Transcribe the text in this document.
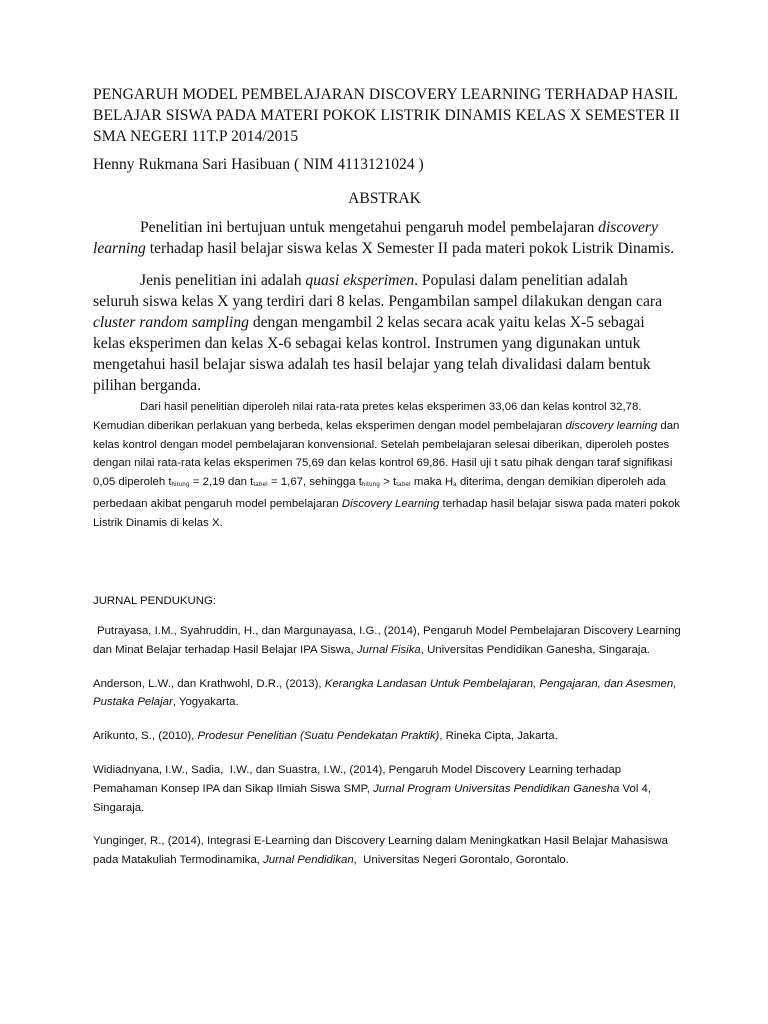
PENGARUH MODEL PEMBELAJARAN DISCOVERY LEARNING TERHADAP HASIL BELAJAR SISWA PADA MATERI POKOK LISTRIK DINAMIS KELAS X SEMESTER II SMA NEGERI 11T.P 2014/2015
Henny Rukmana Sari Hasibuan ( NIM 4113121024 )
ABSTRAK
Penelitian ini bertujuan untuk mengetahui pengaruh model pembelajaran discovery learning terhadap hasil belajar siswa kelas X Semester II pada materi pokok Listrik Dinamis.
Jenis penelitian ini adalah quasi eksperimen. Populasi dalam penelitian adalah seluruh siswa kelas X yang terdiri dari 8 kelas. Pengambilan sampel dilakukan dengan cara cluster random sampling dengan mengambil 2 kelas secara acak yaitu kelas X-5 sebagai kelas eksperimen dan kelas X-6 sebagai kelas kontrol. Instrumen yang digunakan untuk mengetahui hasil belajar siswa adalah tes hasil belajar yang telah divalidasi dalam bentuk pilihan berganda.
Dari hasil penelitian diperoleh nilai rata-rata pretes kelas eksperimen 33,06 dan kelas kontrol 32,78. Kemudian diberikan perlakuan yang berbeda, kelas eksperimen dengan model pembelajaran discovery learning dan kelas kontrol dengan model pembelajaran konvensional. Setelah pembelajaran selesai diberikan, diperoleh postes dengan nilai rata-rata kelas eksperimen 75,69 dan kelas kontrol 69,86. Hasil uji t satu pihak dengan taraf signifikasi 0,05 diperoleh thitung = 2,19 dan ttabel = 1,67, sehingga thitung > ttabel maka Ha diterima, dengan demikian diperoleh ada perbedaan akibat pengaruh model pembelajaran Discovery Learning terhadap hasil belajar siswa pada materi pokok Listrik Dinamis di kelas X.
JURNAL PENDUKUNG:
Putrayasa, I.M., Syahruddin, H., dan Margunayasa, I.G., (2014), Pengaruh Model Pembelajaran Discovery Learning dan Minat Belajar terhadap Hasil Belajar IPA Siswa, Jurnal Fisika, Universitas Pendidikan Ganesha, Singaraja.
Anderson, L.W., dan Krathwohl, D.R., (2013), Kerangka Landasan Untuk Pembelajaran, Pengajaran, dan Asesmen, Pustaka Pelajar, Yogyakarta.
Arikunto, S., (2010), Prodesur Penelitian (Suatu Pendekatan Praktik), Rineka Cipta, Jakarta.
Widiadnyana, I.W., Sadia,  I.W., dan Suastra, I.W., (2014), Pengaruh Model Discovery Learning terhadap Pemahaman Konsep IPA dan Sikap Ilmiah Siswa SMP, Jurnal Program Universitas Pendidikan Ganesha Vol 4, Singaraja.
Yunginger, R., (2014), Integrasi E-Learning dan Discovery Learning dalam Meningkatkan Hasil Belajar Mahasiswa pada Matakuliah Termodinamika, Jurnal Pendidikan,  Universitas Negeri Gorontalo, Gorontalo.
